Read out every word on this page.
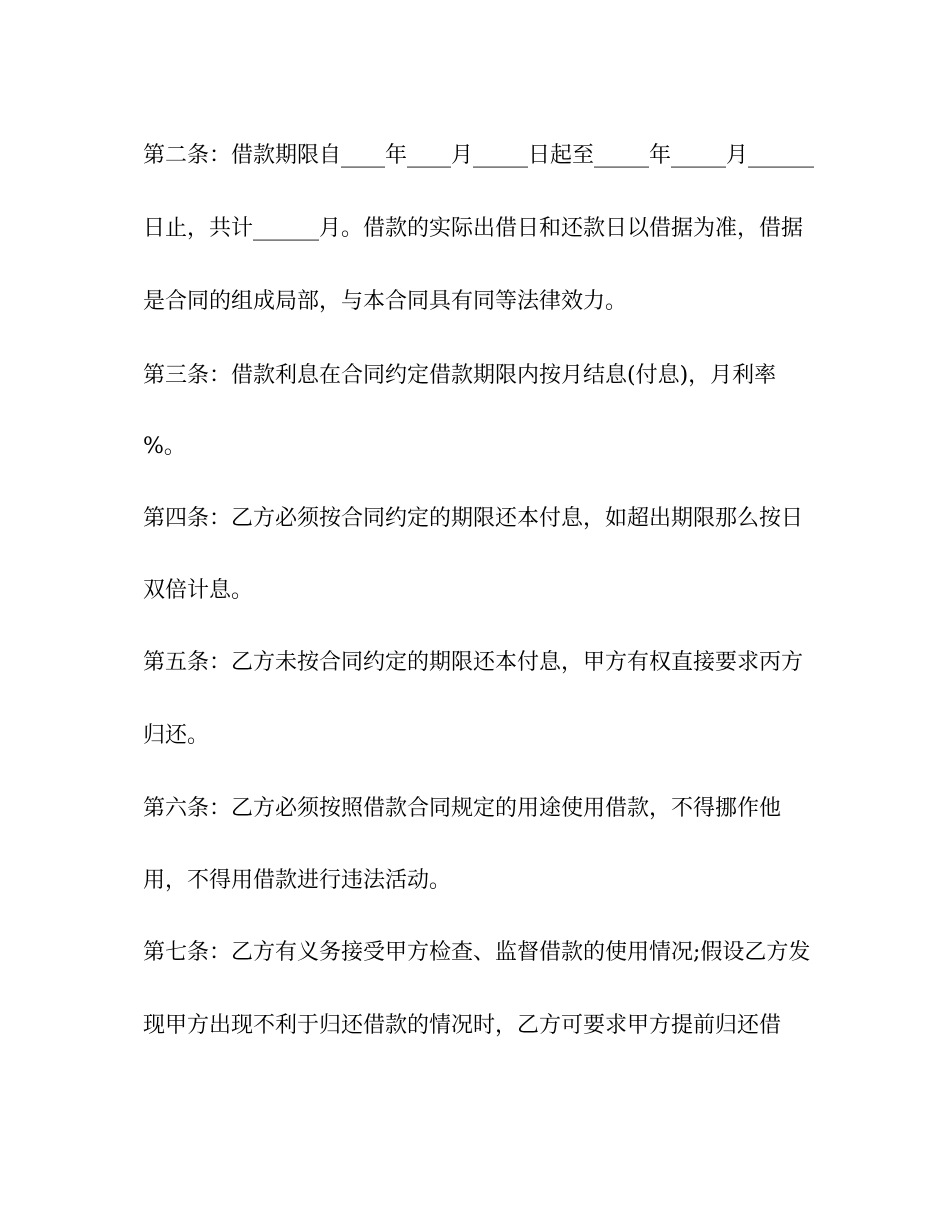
第二条：借款期限自____年____月_____日起至_____年_____月______
日止，共计______月。借款的实际出借日和还款日以借据为准，借据
是合同的组成局部，与本合同具有同等法律效力。
第三条：借款利息在合同约定借款期限内按月结息(付息)，月利率
%。
第四条：乙方必须按合同约定的期限还本付息，如超出期限那么按日
双倍计息。
第五条：乙方未按合同约定的期限还本付息，甲方有权直接要求丙方
归还。
第六条：乙方必须按照借款合同规定的用途使用借款，不得挪作他
用，不得用借款进行违法活动。
第七条：乙方有义务接受甲方检查、监督借款的使用情况;假设乙方发
现甲方出现不利于归还借款的情况时，乙方可要求甲方提前归还借
